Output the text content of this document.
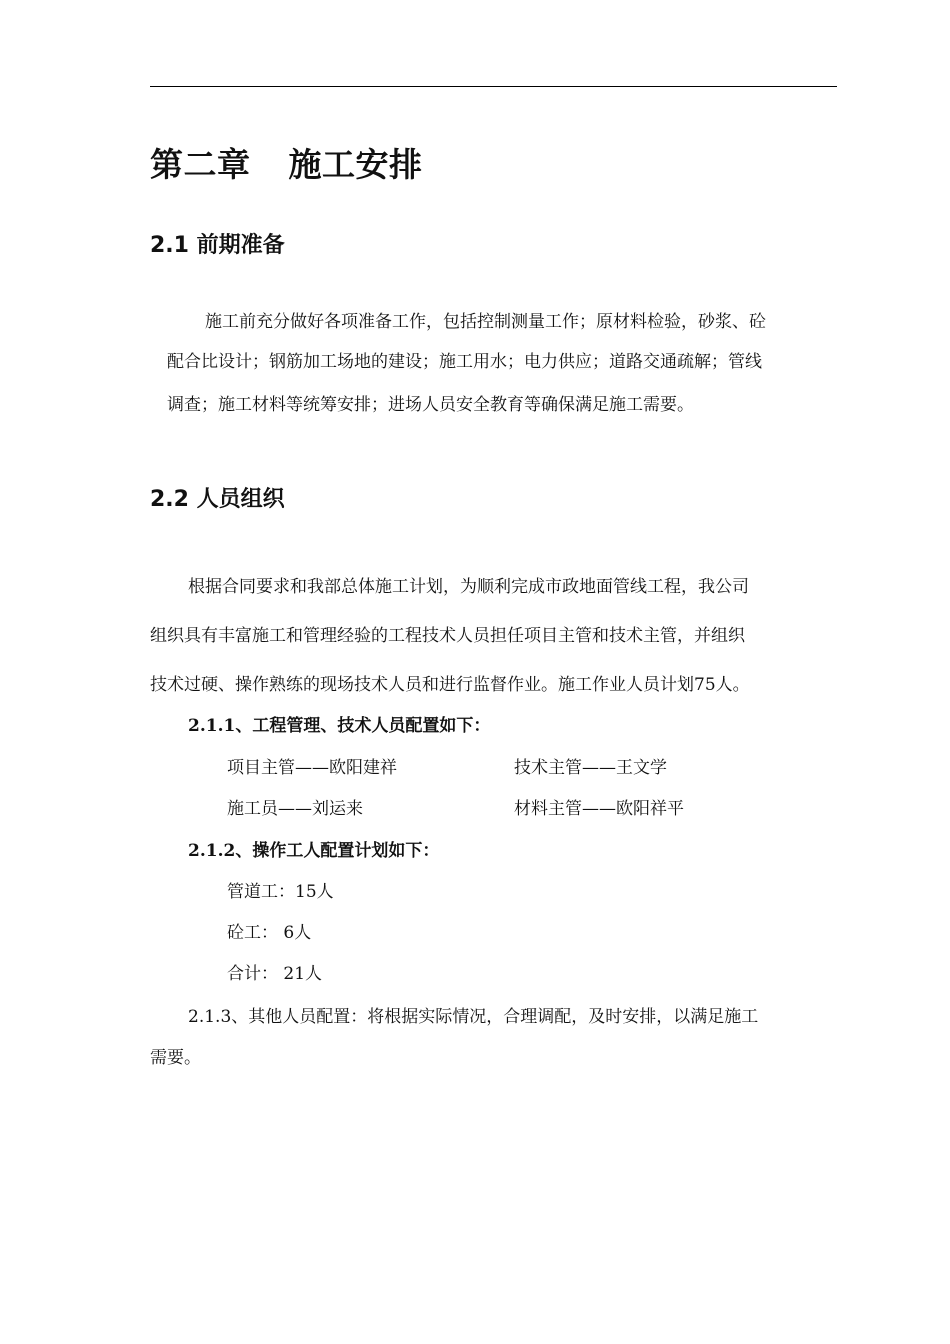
第二章 施工安排
2.1 前期准备
施工前充分做好各项准备工作，包括控制测量工作；原材料检验，砂浆、砼
配合比设计；钢筋加工场地的建设；施工用水；电力供应；道路交通疏解；管线
调查；施工材料等统筹安排；进场人员安全教育等确保满足施工需要。
2.2 人员组织
根据合同要求和我部总体施工计划，为顺利完成市政地面管线工程，我公司
组织具有丰富施工和管理经验的工程技术人员担任项目主管和技术主管，并组织
技术过硬、操作熟练的现场技术人员和进行监督作业。施工作业人员计划75人。
2.1.1、工程管理、技术人员配置如下：
项目主管——欧阳建祥	技术主管——王文学
施工员——刘运来	材料主管——欧阳祥平
2.1.2、操作工人配置计划如下：
管道工：15人
砼工： 6人
合计： 21人
2.1.3、其他人员配置：将根据实际情况，合理调配，及时安排，以满足施工
需要。
